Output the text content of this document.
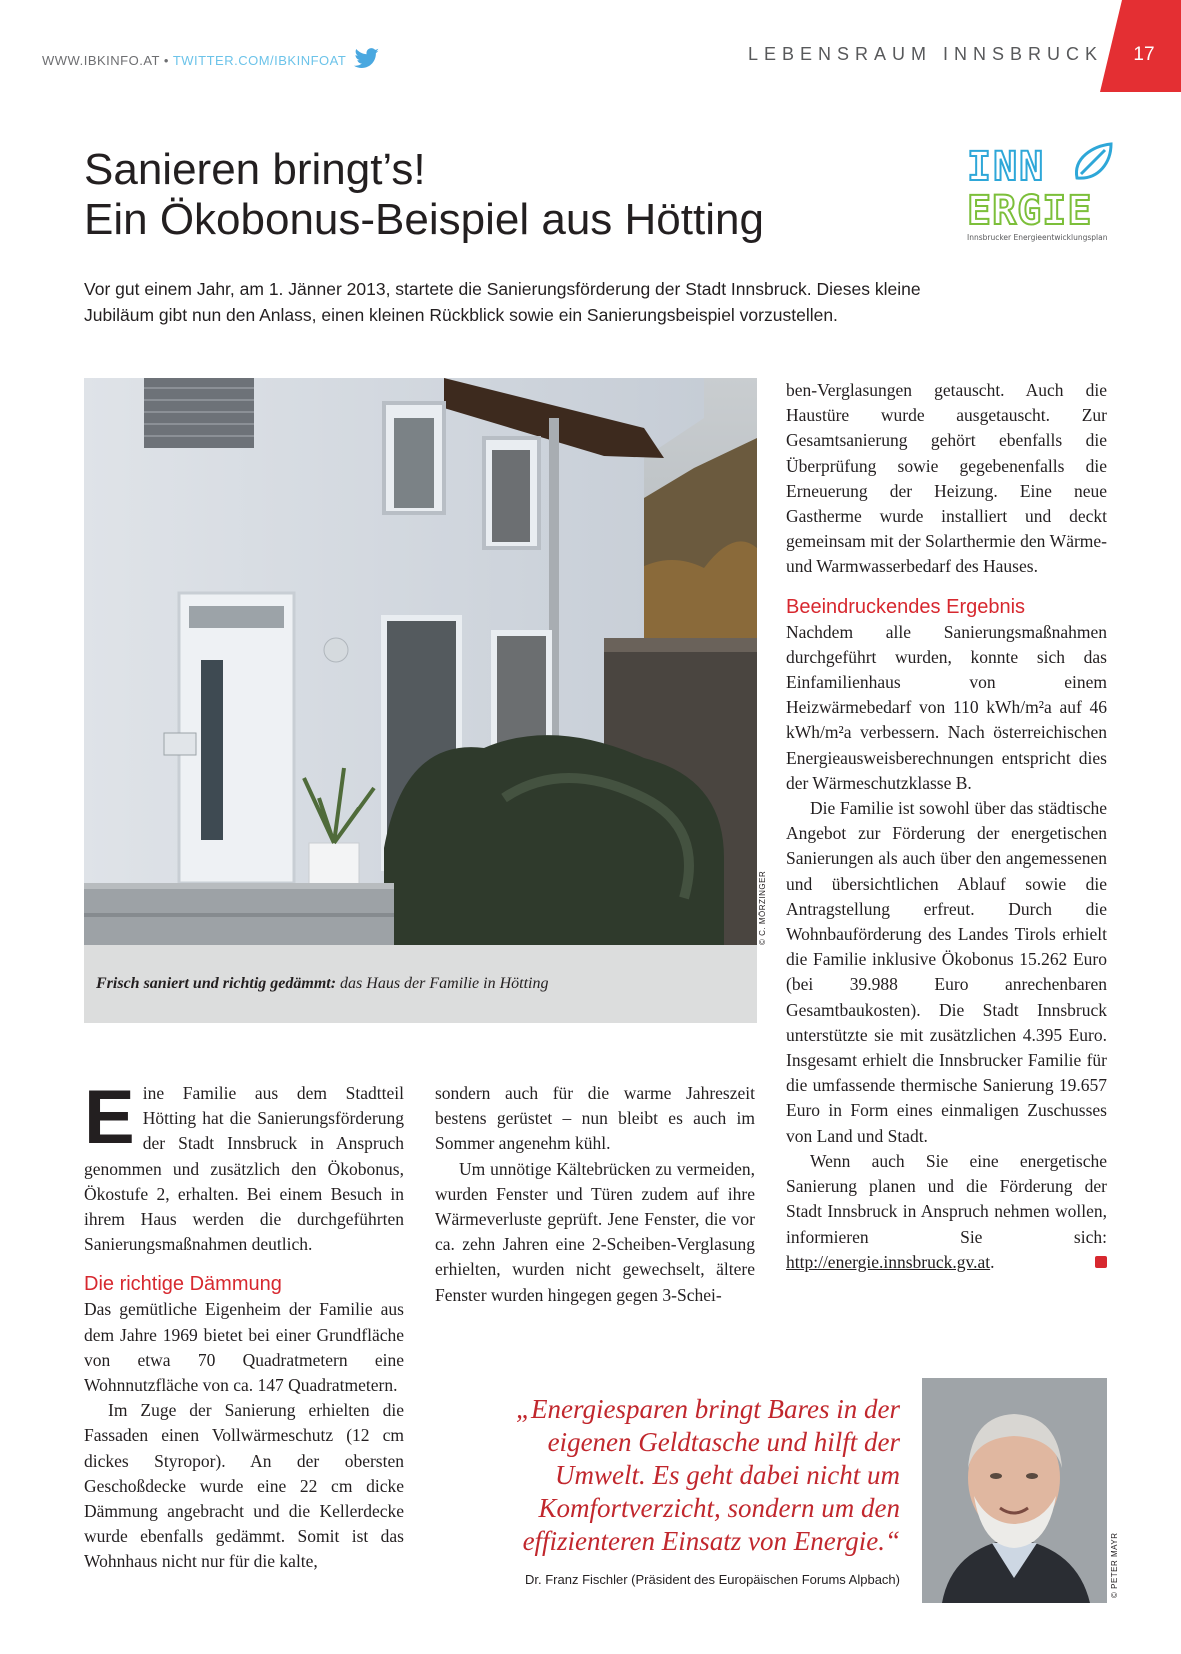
WWW.IBKINFO.AT • TWITTER.COM/IBKINFOAT	LEBENSRAUM INNSBRUCK	17
Sanieren bringt’s!
Ein Ökobonus-Beispiel aus Hötting
INN
ERGIE
Innsbrucker Energieentwicklungsplan
Vor gut einem Jahr, am 1. Jänner 2013, startete die Sanierungsförderung der Stadt Innsbruck. Dieses kleine Jubiläum gibt nun den Anlass, einen kleinen Rückblick sowie ein Sanierungsbeispiel vorzustellen.
© C. MÖRZINGER
Frisch saniert und richtig gedämmt: das Haus der Familie in Hötting

Eine Familie aus dem Stadtteil Hötting hat die Sanierungsförderung der Stadt Innsbruck in Anspruch genommen und zusätzlich den Ökobonus, Ökostufe 2, erhalten. Bei einem Besuch in ihrem Haus werden die durchgeführten Sanierungsmaßnahmen deutlich.

Die richtige Dämmung

Das gemütliche Eigenheim der Familie aus dem Jahre 1969 bietet bei einer Grundfläche von etwa 70 Quadratmetern eine Wohnnutzfläche von ca. 147 Quadratmetern.

Im Zuge der Sanierung erhielten die Fassaden einen Vollwärmeschutz (12 cm dickes Styropor). An der obersten Geschoßdecke wurde eine 22 cm dicke Dämmung angebracht und die Kellerdecke wurde ebenfalls gedämmt. Somit ist das Wohnhaus nicht nur für die kalte,

sondern auch für die warme Jahreszeit bestens gerüstet – nun bleibt es auch im Sommer angenehm kühl.

Um unnötige Kältebrücken zu vermeiden, wurden Fenster und Türen zudem auf ihre Wärmeverluste geprüft. Jene Fenster, die vor ca. zehn Jahren eine 2-Scheiben-Verglasung erhielten, wurden nicht gewechselt, ältere Fenster wurden hingegen gegen 3-Schei-

ben-Verglasungen getauscht. Auch die Haustüre wurde ausgetauscht. Zur Gesamtsanierung gehört ebenfalls die Überprüfung sowie gegebenenfalls die Erneuerung der Heizung. Eine neue Gastherme wurde installiert und deckt gemeinsam mit der Solarthermie den Wärme- und Warmwasserbedarf des Hauses.

Beeindruckendes Ergebnis

Nachdem alle Sanierungsmaßnahmen durchgeführt wurden, konnte sich das Einfamilienhaus von einem Heizwärmebedarf von 110 kWh/m²a auf 46 kWh/m²a verbessern. Nach österreichischen Energieausweisberechnungen entspricht dies der Wärmeschutzklasse B.

Die Familie ist sowohl über das städtische Angebot zur Förderung der energetischen Sanierungen als auch über den angemessenen und übersichtlichen Ablauf sowie die Antragstellung erfreut. Durch die Wohnbauförderung des Landes Tirols erhielt die Familie inklusive Ökobonus 15.262 Euro (bei 39.988 Euro anrechenbaren Gesamtbaukosten). Die Stadt Innsbruck unterstützte sie mit zusätzlichen 4.395 Euro. Insgesamt erhielt die Innsbrucker Familie für die umfassende thermische Sanierung 19.657 Euro in Form eines einmaligen Zuschusses von Land und Stadt.

Wenn auch Sie eine energetische Sanierung planen und die Förderung der Stadt Innsbruck in Anspruch nehmen wollen, informieren Sie sich: http://energie.innsbruck.gv.at.

„Energiesparen bringt Bares in der eigenen Geldtasche und hilft der Umwelt. Es geht dabei nicht um Komfortverzicht, sondern um den effizienteren Einsatz von Energie.“
Dr. Franz Fischler (Präsident des Europäischen Forums Alpbach)	© PETER MAYR
